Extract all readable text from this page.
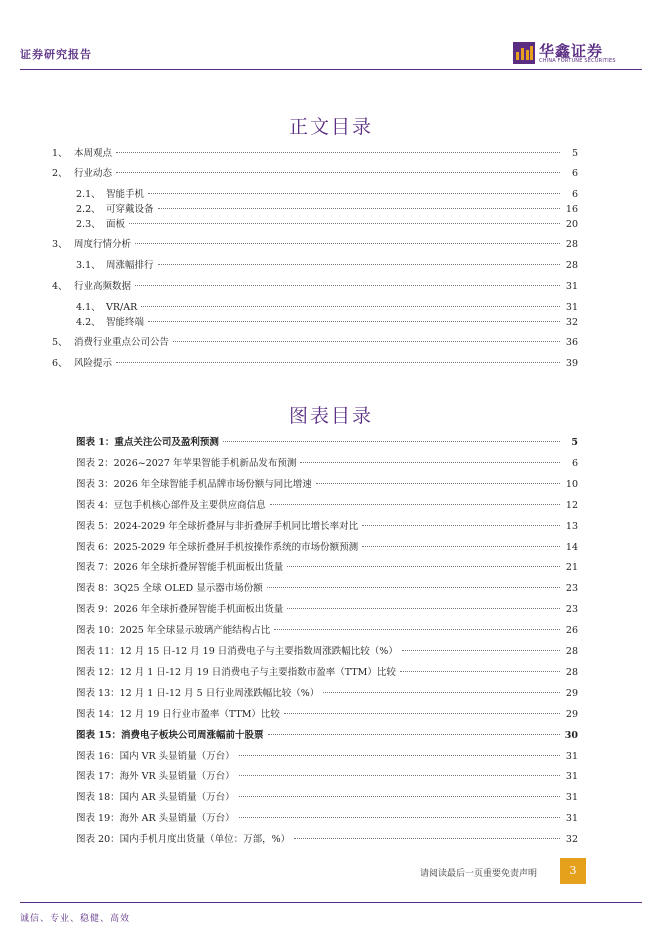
证券研究报告	华鑫证券
CHINA FORTUNE SECURITIES
正文目录
1、 本周观点	5
2、 行业动态	6
2.1、 智能手机	6
2.2、 可穿戴设备	16
2.3、 面板	20
3、 周度行情分析	28
3.1、 周涨幅排行	28
4、 行业高频数据	31
4.1、 VR/AR	31
4.2、 智能终端	32
5、 消费行业重点公司公告	36
6、 风险提示	39
图表目录
图表 1：重点关注公司及盈利预测	5
图表 2：2026~2027 年苹果智能手机新品发布预测	6
图表 3：2026 年全球智能手机品牌市场份额与同比增速	10
图表 4：豆包手机核心部件及主要供应商信息	12
图表 5：2024-2029 年全球折叠屏与非折叠屏手机同比增长率对比	13
图表 6：2025-2029 年全球折叠屏手机按操作系统的市场份额预测	14
图表 7：2026 年全球折叠屏智能手机面板出货量	21
图表 8：3Q25 全球 OLED 显示器市场份额	23
图表 9：2026 年全球折叠屏智能手机面板出货量	23
图表 10：2025 年全球显示玻璃产能结构占比	26
图表 11：12 月 15 日-12 月 19 日消费电子与主要指数周涨跌幅比较（%）	28
图表 12：12 月 1 日-12 月 19 日消费电子与主要指数市盈率（TTM）比较	28
图表 13：12 月 1 日-12 月 5 日行业周涨跌幅比较（%）	29
图表 14：12 月 19 日行业市盈率（TTM）比较	29
图表 15：消费电子板块公司周涨幅前十股票	30
图表 16：国内 VR 头显销量（万台）	31
图表 17：海外 VR 头显销量（万台）	31
图表 18：国内 AR 头显销量（万台）	31
图表 19：海外 AR 头显销量（万台）	31
图表 20：国内手机月度出货量（单位：万部，%）	32
请阅读最后一页重要免责声明	3
诚信、专业、稳健、高效
